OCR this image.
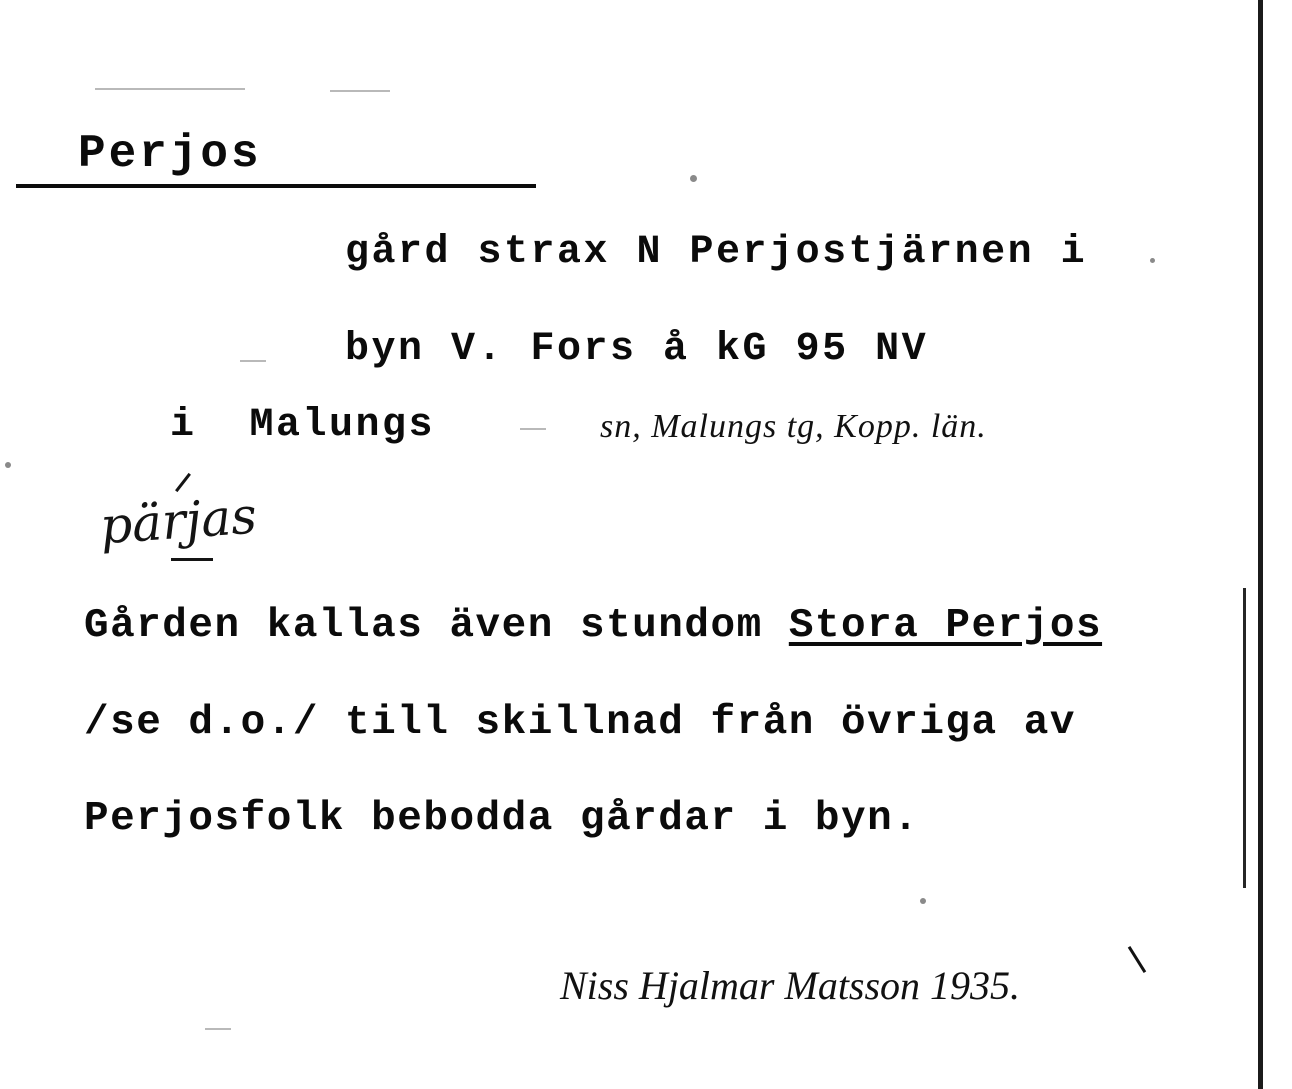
Perjos
gård strax N Perjostjärnen i
byn V. Fors å kG 95 NV
i  Malungs	sn, Malungs tg, Kopp. län.
pärjas
Gården kallas även stundom Stora Perjos
/se d.o./ till skillnad från övriga av
Perjosfolk bebodda gårdar i byn.
Niss Hjalmar Matsson 1935.
